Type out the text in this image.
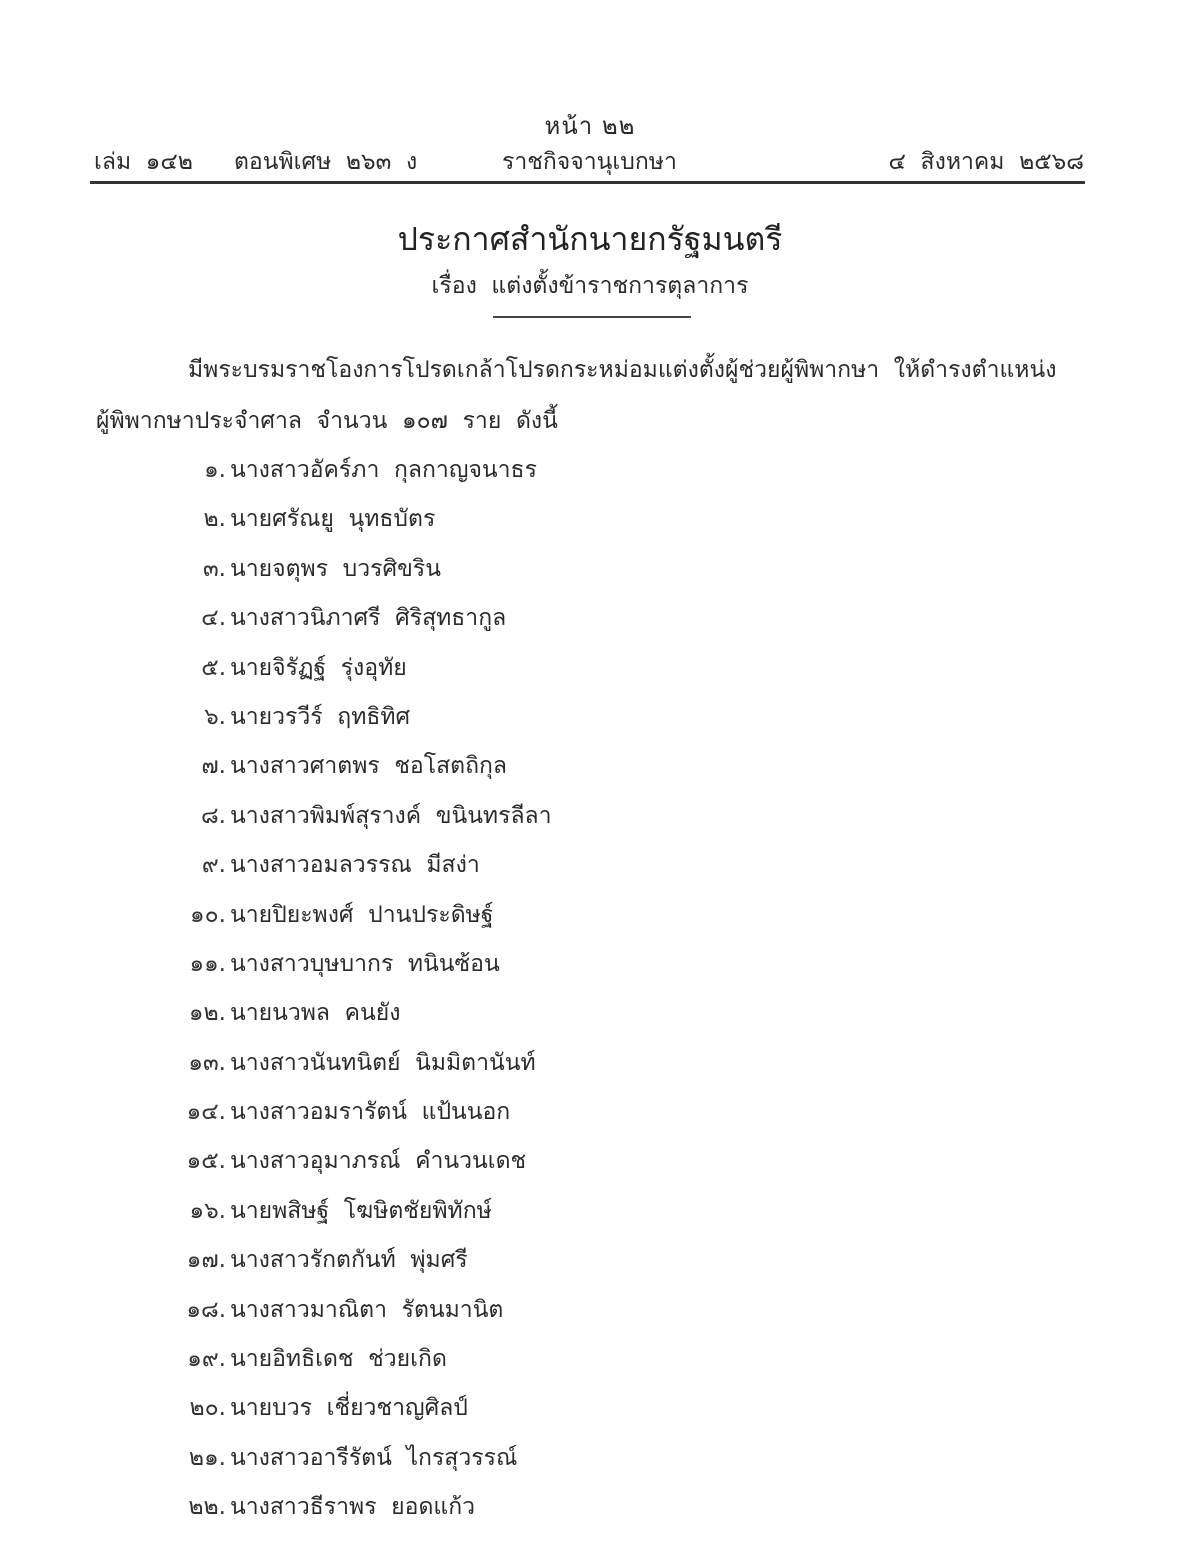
หน้า ๒๒
เล่ม  ๑๔๒ ตอนพิเศษ  ๒๖๓  ง	ราชกิจจานุเบกษา	๔  สิงหาคม  ๒๕๖๘
ประกาศสำนักนายกรัฐมนตรี
เรื่อง  แต่งตั้งข้าราชการตุลาการ
มีพระบรมราชโองการโปรดเกล้าโปรดกระหม่อมแต่งตั้งผู้ช่วยผู้พิพากษา  ให้ดำรงตำแหน่ง
ผู้พิพากษาประจำศาล  จำนวน  ๑๐๗  ราย  ดังนี้
๑. นางสาวอัคร์ภา  กุลกาญจนาธร
๒. นายศรัณยู  นุทธบัตร
๓. นายจตุพร  บวรศิขริน
๔. นางสาวนิภาศรี  ศิริสุทธากูล
๕. นายจิรัฏฐ์  รุ่งอุทัย
๖. นายวรวีร์  ฤทธิทิศ
๗. นางสาวศาตพร  ชอโสตถิกุล
๘. นางสาวพิมพ์สุรางค์  ขนินทรลีลา
๙. นางสาวอมลวรรณ  มีสง่า
๑๐. นายปิยะพงศ์  ปานประดิษฐ์
๑๑. นางสาวบุษบากร  ทนินซ้อน
๑๒. นายนวพล  คนยัง
๑๓. นางสาวนันทนิตย์  นิมมิตานันท์
๑๔. นางสาวอมรารัตน์  แป้นนอก
๑๕. นางสาวอุมาภรณ์  คำนวนเดช
๑๖. นายพสิษฐ์  โฆษิตชัยพิทักษ์
๑๗. นางสาวรักตกันท์  พุ่มศรี
๑๘. นางสาวมาณิตา  รัตนมานิต
๑๙. นายอิทธิเดช  ช่วยเกิด
๒๐. นายบวร  เชี่ยวชาญศิลป์
๒๑. นางสาวอารีรัตน์  ไกรสุวรรณ์
๒๒. นางสาวธีราพร  ยอดแก้ว
